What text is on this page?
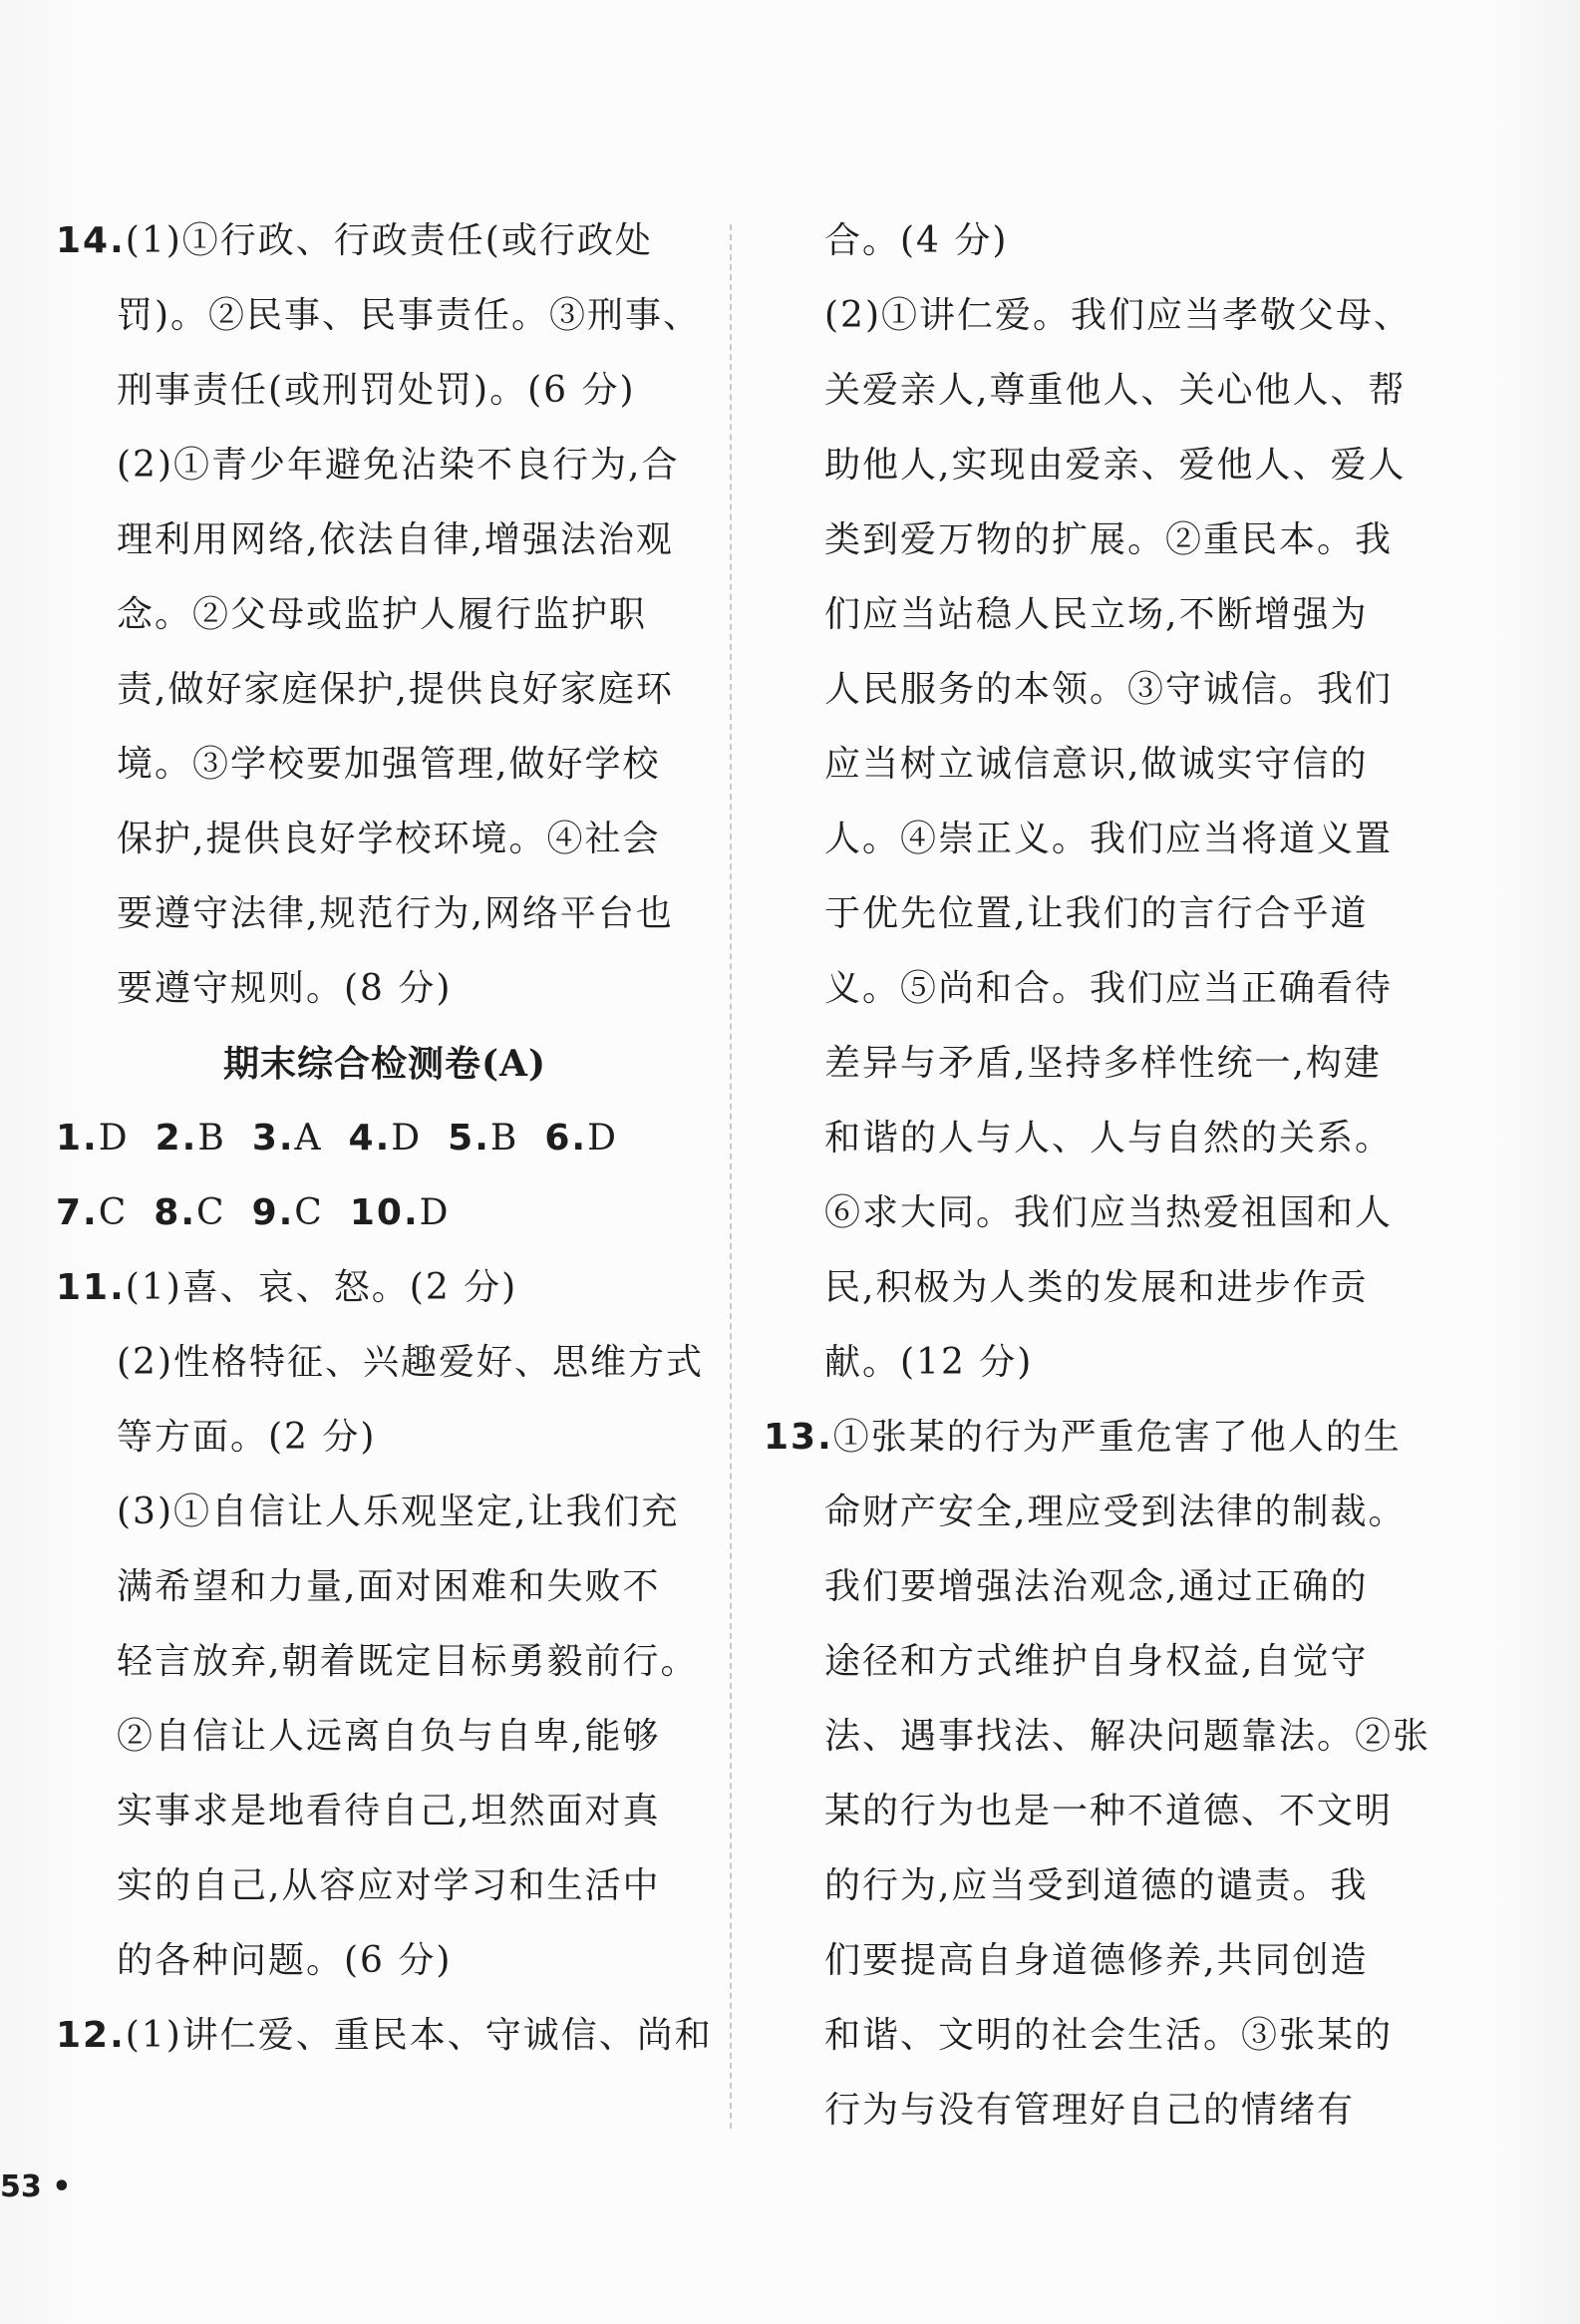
14.(1)①行政、行政责任(或行政处
罚)。②民事、民事责任。③刑事、
刑事责任(或刑罚处罚)。(6 分)
(2)①青少年避免沾染不良行为,合
理利用网络,依法自律,增强法治观
念。②父母或监护人履行监护职
责,做好家庭保护,提供良好家庭环
境。③学校要加强管理,做好学校
保护,提供良好学校环境。④社会
要遵守法律,规范行为,网络平台也
要遵守规则。(8 分)
期末综合检测卷(A)
1.D 2.B 3.A 4.D 5.B 6.D
7.C 8.C 9.C 10.D
11.(1)喜、哀、怒。(2 分)
(2)性格特征、兴趣爱好、思维方式
等方面。(2 分)
(3)①自信让人乐观坚定,让我们充
满希望和力量,面对困难和失败不
轻言放弃,朝着既定目标勇毅前行。
②自信让人远离自负与自卑,能够
实事求是地看待自己,坦然面对真
实的自己,从容应对学习和生活中
的各种问题。(6 分)
12.(1)讲仁爱、重民本、守诚信、尚和
合。(4 分)
(2)①讲仁爱。我们应当孝敬父母、
关爱亲人,尊重他人、关心他人、帮
助他人,实现由爱亲、爱他人、爱人
类到爱万物的扩展。②重民本。我
们应当站稳人民立场,不断增强为
人民服务的本领。③守诚信。我们
应当树立诚信意识,做诚实守信的
人。④崇正义。我们应当将道义置
于优先位置,让我们的言行合乎道
义。⑤尚和合。我们应当正确看待
差异与矛盾,坚持多样性统一,构建
和谐的人与人、人与自然的关系。
⑥求大同。我们应当热爱祖国和人
民,积极为人类的发展和进步作贡
献。(12 分)
13.①张某的行为严重危害了他人的生
命财产安全,理应受到法律的制裁。
我们要增强法治观念,通过正确的
途径和方式维护自身权益,自觉守
法、遇事找法、解决问题靠法。②张
某的行为也是一种不道德、不文明
的行为,应当受到道德的谴责。我
们要提高自身道德修养,共同创造
和谐、文明的社会生活。③张某的
行为与没有管理好自己的情绪有
53 •
